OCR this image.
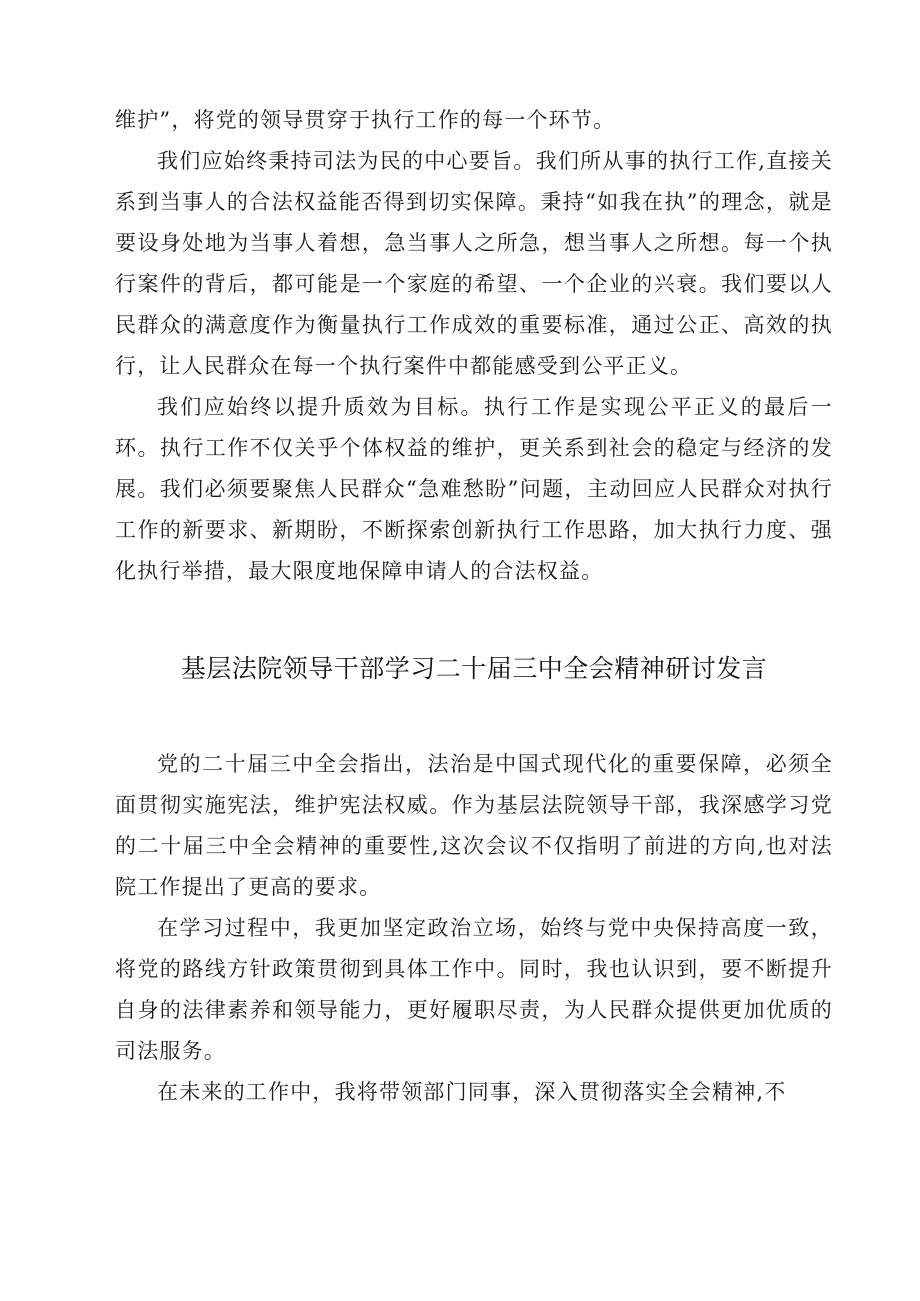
维护”，将党的领导贯穿于执行工作的每一个环节。

我们应始终秉持司法为民的中心要旨。我们所从事的执行工作,直接关系到当事人的合法权益能否得到切实保障。秉持“如我在执”的理念，就是要设身处地为当事人着想，急当事人之所急，想当事人之所想。每一个执行案件的背后，都可能是一个家庭的希望、一个企业的兴衰。我们要以人民群众的满意度作为衡量执行工作成效的重要标准，通过公正、高效的执行，让人民群众在每一个执行案件中都能感受到公平正义。

我们应始终以提升质效为目标。执行工作是实现公平正义的最后一环。执行工作不仅关乎个体权益的维护，更关系到社会的稳定与经济的发展。我们必须要聚焦人民群众“急难愁盼”问题，主动回应人民群众对执行工作的新要求、新期盼，不断探索创新执行工作思路，加大执行力度、强化执行举措，最大限度地保障申请人的合法权益。

基层法院领导干部学习二十届三中全会精神研讨发言

党的二十届三中全会指出，法治是中国式现代化的重要保障，必须全面贯彻实施宪法，维护宪法权威。作为基层法院领导干部，我深感学习党的二十届三中全会精神的重要性,这次会议不仅指明了前进的方向,也对法院工作提出了更高的要求。

在学习过程中，我更加坚定政治立场，始终与党中央保持高度一致，将党的路线方针政策贯彻到具体工作中。同时，我也认识到，要不断提升自身的法律素养和领导能力，更好履职尽责，为人民群众提供更加优质的司法服务。

在未来的工作中，我将带领部门同事，深入贯彻落实全会精神,不
